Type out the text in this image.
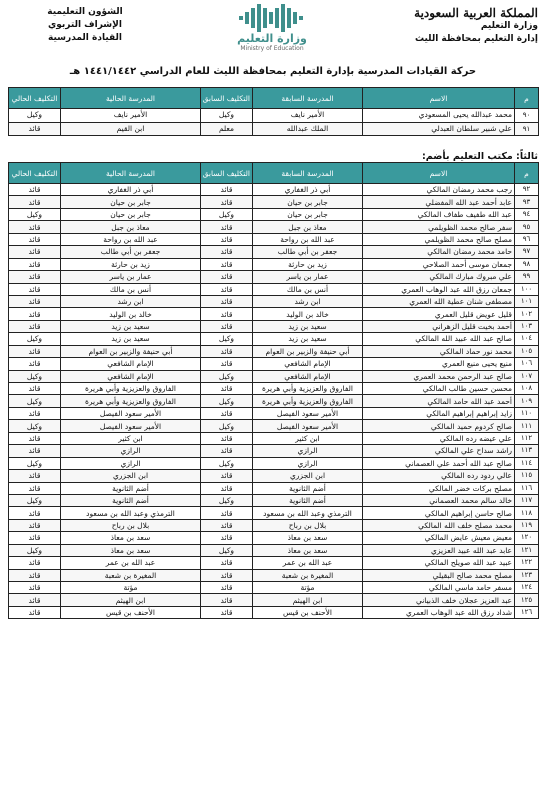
المملكة العربية السعودية
وزارة التعليم
إدارة التعليم بمحافظة الليث
وزارة التعليم
Ministry of Education
الشؤون التعليمية
الإشراف التربوي
القيادة المدرسية
حركة القيادات المدرسية بإدارة التعليم بمحافظة الليث للعام الدراسي ١٤٤١/١٤٤٢ هـ
م	الاسم	المدرسة السابقة	التكليف السابق	المدرسة الحالية	التكليف الحالي
٩٠	محمد عبدالله يحيى المسعودي	الأمير نايف	وكيل	الأمير نايف	وكيل
٩١	علي شبير سلطان العبدلي	الملك عبدالله	معلم	ابن القيم	قائد
ثالثاً: مكتب التعليم بأضم:
م	الاسم	المدرسة السابقة	التكليف السابق	المدرسة الحالية	التكليف الحالي
٩٢	رجب محمد رمضان المالكي	أبي ذر الغفاري	قائد	أبي ذر الغفاري	قائد
٩٣	عابد أحمد عبد الله المفضلي	جابر بن حيان	قائد	جابر بن حيان	قائد
٩٤	عبد الله طفيف طفاف المالكي	جابر بن حيان	وكيل	جابر بن حيان	وكيل
٩٥	سفر صالح محمد الظويلمي	معاذ بن جبل	قائد	معاذ بن جبل	قائد
٩٦	مصلح صالح محمد الظويلمي	عبد الله بن رواحة	قائد	عبد الله بن رواحة	قائد
٩٧	حامد محمد رمضان المالكي	جعفر بن أبي طالب	قائد	جعفر بن أبي طالب	قائد
٩٨	جمعان موسى أحمد الصلاحي	زيد بن حارثة	قائد	زيد بن حارثة	قائد
٩٩	علي مبروك مبارك المالكي	عمار بن ياسر	قائد	عمار بن ياسر	قائد
١٠٠	جمعان رزق الله عبد الوهاب العمري	أنس بن مالك	قائد	أنس بن مالك	قائد
١٠١	مصطفى شنان عطية الله العمري	ابن رشد	قائد	ابن رشد	قائد
١٠٢	قليل عويض قليل العمري	خالد بن الوليد	قائد	خالد بن الوليد	قائد
١٠٣	أحمد بخيت قليل الزهراني	سعيد بن زيد	قائد	سعيد بن زيد	قائد
١٠٤	صالح عبد الله عبيد الله المالكي	سعيد بن زيد	وكيل	سعيد بن زيد	وكيل
١٠٥	محمد نور حماد المالكي	أبي حنيفة والزبير بن العوام	قائد	أبي حنيفة والزبير بن العوام	قائد
١٠٦	منيع يحيى منيع العمري	الإمام الشافعي	قائد	الإمام الشافعي	قائد
١٠٧	صالح عبد الرحمن محمد العمري	الإمام الشافعي	وكيل	الإمام الشافعي	وكيل
١٠٨	محسن حسين طالب المالكي	الفاروق والعزيزية وأبي هريرة	قائد	الفاروق والعزيزية وأبي هريرة	قائد
١٠٩	أحمد عبد الله حامد المالكي	الفاروق والعزيزية وأبي هريرة	وكيل	الفاروق والعزيزية وأبي هريرة	وكيل
١١٠	زايد إبراهيم إبراهيم المالكي	الأمير سعود الفيصل	قائد	الأمير سعود الفيصل	قائد
١١١	صالح كردوم حميد المالكي	الأمير سعود الفيصل	وكيل	الأمير سعود الفيصل	وكيل
١١٢	علي عيضه رده المالكي	ابن كثير	قائد	ابن كثير	قائد
١١٣	راشد سداح علي المالكي	الرازي	قائد	الرازي	قائد
١١٤	صالح عبد الله أحمد علي العصماني	الرازي	وكيل	الرازي	وكيل
١١٥	عالي ردود رده المالكي	ابن الجزري	قائد	ابن الجزري	قائد
١١٦	مصلح بركات خضر المالكي	أضم الثانوية	قائد	أضم الثانوية	قائد
١١٧	خالد سالم محمد العصماني	أضم الثانوية	وكيل	أضم الثانوية	وكيل
١١٨	صالح حاسن إبراهيم المالكي	الترمذي وعبد الله بن مسعود	قائد	الترمذي وعبد الله بن مسعود	قائد
١١٩	محمد مصلح خلف الله المالكي	بلال بن رباح	قائد	بلال بن رباح	قائد
١٢٠	معيض معيش عايض المالكي	سعد بن معاذ	قائد	سعد بن معاذ	قائد
١٢١	عابد عبد الله عبيد العزيزي	سعد بن معاذ	وكيل	سعد بن معاذ	وكيل
١٢٢	عبيد عبد الله صويلح المالكي	عبد الله بن عمر	قائد	عبد الله بن عمر	قائد
١٢٣	مصلح محمد صالح البقيلي	المغيرة بن شعبة	قائد	المغيرة بن شعبة	قائد
١٢٤	مسفر حامد ماسي المالكي	مؤتة	قائد	مؤتة	قائد
١٢٥	عبد العزيز عجلان خلف الذبياني	ابن الهيثم	قائد	ابن الهيثم	قائد
١٢٦	شداد رزق الله عبد الوهاب العمري	الأحنف بن قيس	قائد	الأحنف بن قيس	قائد
